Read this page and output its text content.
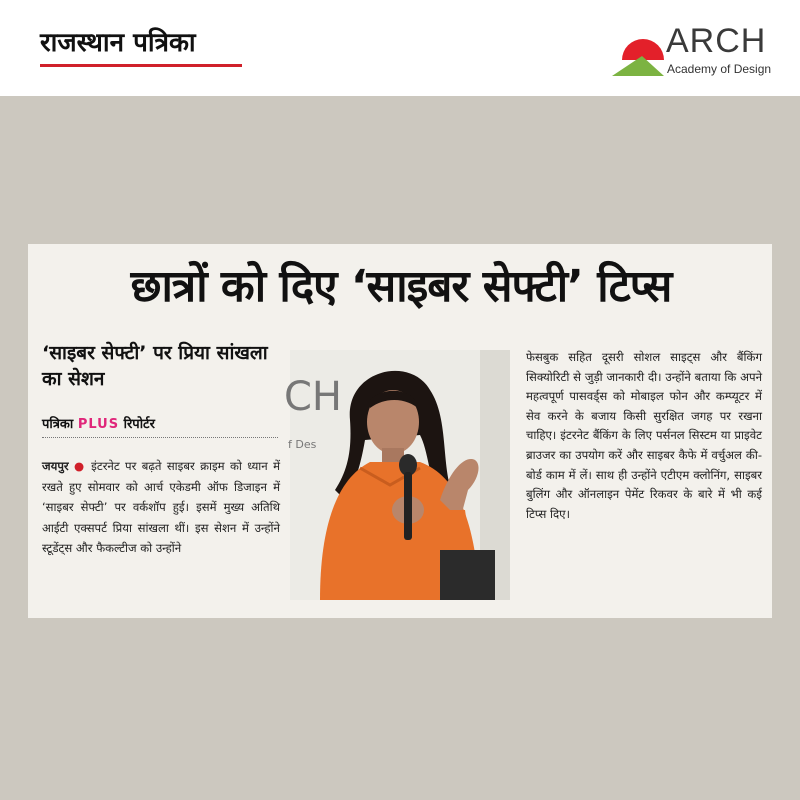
राजस्थान पत्रिका	ARCH
Academy of Design
छात्रों को दिए ‘साइबर सेफ्टी’ टिप्स
‘साइबर सेफ्टी’ पर प्रिया सांखला का सेशन
पत्रिका PLUS रिपोर्टर
जयपुर ● इंटरनेट पर बढ़ते साइबर क्राइम को ध्यान में रखते हुए सोमवार को आर्च एकेडमी ऑफ डिजाइन में ‘साइबर सेफ्टी’ पर वर्कशॉप हुई। इसमें मुख्य अतिथि आईटी एक्सपर्ट प्रिया सांखला थीं। इस सेशन में उन्होंने स्टूडेंट्स और फैकल्टीज को उन्होंने
CH
f Des
फेसबुक सहित दूसरी सोशल साइट्स और बैंकिंग सिक्योरिटी से जुड़ी जानकारी दी। उन्होंने बताया कि अपने महत्वपूर्ण पासवर्ड्स को मोबाइल फोन और कम्प्यूटर में सेव करने के बजाय किसी सुरक्षित जगह पर रखना चाहिए। इंटरनेट बैंकिंग के लिए पर्सनल सिस्टम या प्राइवेट ब्राउजर का उपयोग करें और साइबर कैफे में वर्चुअल की-बोर्ड काम में लें। साथ ही उन्होंने एटीएम क्लोनिंग, साइबर बुलिंग और ऑनलाइन पेमेंट रिकवर के बारे में भी कई टिप्स दिए।
